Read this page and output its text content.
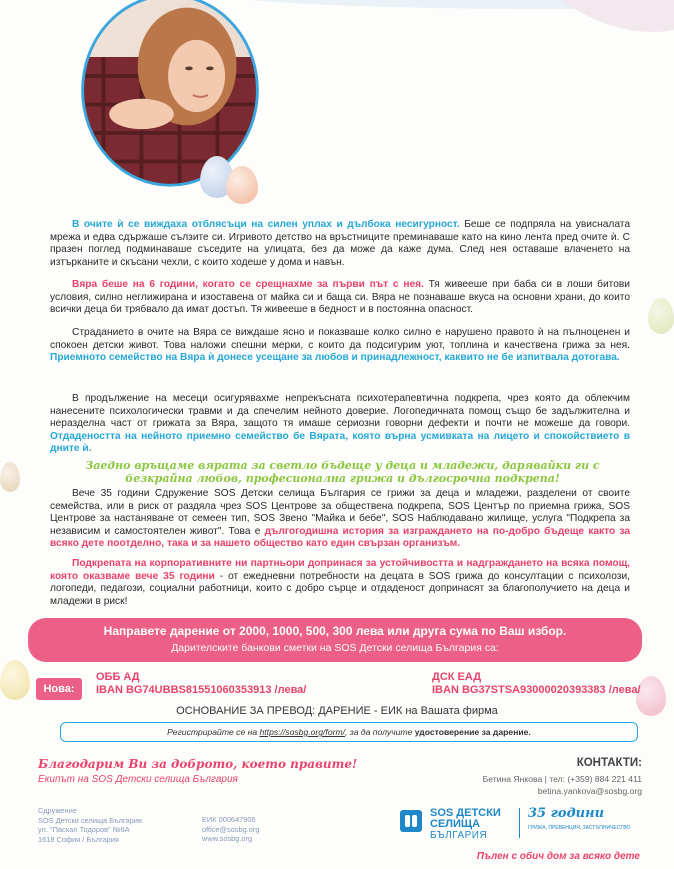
В очите ѝ се виждаха отблясъци на силен уплах и дълбока несигурност. Беше се подпряла на увисналата мрежа и едва сдържаше сълзите си. Игривото детство на връстниците преминаваше като на кино лента пред очите ѝ. С празен поглед подминаваше съседите на улицата, без да може да каже дума. След нея оставаше влаченето на изтърканите и скъсани чехли, с които ходеше у дома и навън.
Вяра беше на 6 години, когато се срещнахме за първи път с нея. Тя живееше при баба си в лоши битови условия, силно неглижирана и изоставена от майка си и баща си. Вяра не познаваше вкуса на основни храни, до които всички деца би трябвало да имат достъп. Тя живееше в бедност и в постоянна опасност.
Страданието в очите на Вяра се виждаше ясно и показваше колко силно е нарушено правото ѝ на пълноценен и спокоен детски живот. Това наложи спешни мерки, с които да подсигурим уют, топлина и качествена грижа за нея. Приемното семейство на Вяра ѝ донесе усещане за любов и принадлежност, каквито не бе изпитвала дотогава.
В продължение на месеци осигурявахме непрекъсната психотерапевтична подкрепа, чрез която да облекчим нанесените психологически травми и да спечелим нейното доверие. Логопедичната помощ също бе задължителна и неразделна част от грижата за Вяра, защото тя имаше сериозни говорни дефекти и почти не можеше да говори. Отдадеността на нейното приемно семейство бе Вярата, която върна усмивката на лицето и спокойствието в дните ѝ.
Заедно връщаме вярата за светло бъдеще у деца и младежи, дарявайки ги с безкрайна любов, професионална грижа и дългосрочна подкрепа!
Вече 35 години Сдружение SOS Детски селища България се грижи за деца и младежи, разделени от своите семейства, или в риск от раздяла чрез SOS Центрове за обществена подкрепа, SOS Център по приемна грижа, SOS Центрове за настаняване от семеен тип, SOS Звено "Майка и бебе", SOS Наблюдавано жилище, услуга "Подкрепа за независим и самостоятелен живот". Това е дългогодишна история за изграждането на по-добро бъдеще както за всяко дете поотделно, така и за нашето общество като един свързан организъм.
Подкрепата на корпоративните ни партньори допринася за устойчивостта и надграждането на всяка помощ, която оказваме вече 35 години - от ежедневни потребности на децата в SOS грижа до консултации с психолози, логопеди, педагози, социални работници, които с добро сърце и отдаденост допринасят за благополучието на деца и младежи в риск!
Направете дарение от 2000, 1000, 500, 300 лева или друга сума по Ваш избор.
Дарителските банкови сметки на SOS Детски селища България са:
Нова:
ОББ АД
IBAN BG74UBBS81551060353913 /лева/
ДСК ЕАД
IBAN BG37STSA93000020393383 /лева/
ОСНОВАНИЕ ЗА ПРЕВОД: ДАРЕНИЕ - ЕИК на Вашата фирма
Регистрирайте се на https://sosbg.org/form/, за да получите удостоверение за дарение.
Благодарим Ви за доброто, което правите!
Екипът на SOS Детски селища България
КОНТАКТИ:
Бетина Янкова | тел: (+359) 884 221 411
betina.yankova@sosbg.org
Сдружение
SOS Детски селища България
ул. "Паскал Тодоров" №8А
1618 София / България
ЕИК 000647906
office@sosbg.org
www.sosbg.org
SOS ДЕТСКИ
СЕЛИЩА
БЪЛГАРИЯ
35 години
ГРИЖА, ПРЕВЕНЦИЯ, ЗАСТЪПНИЧЕСТВО
Пълен с обич дом за всяко дете
